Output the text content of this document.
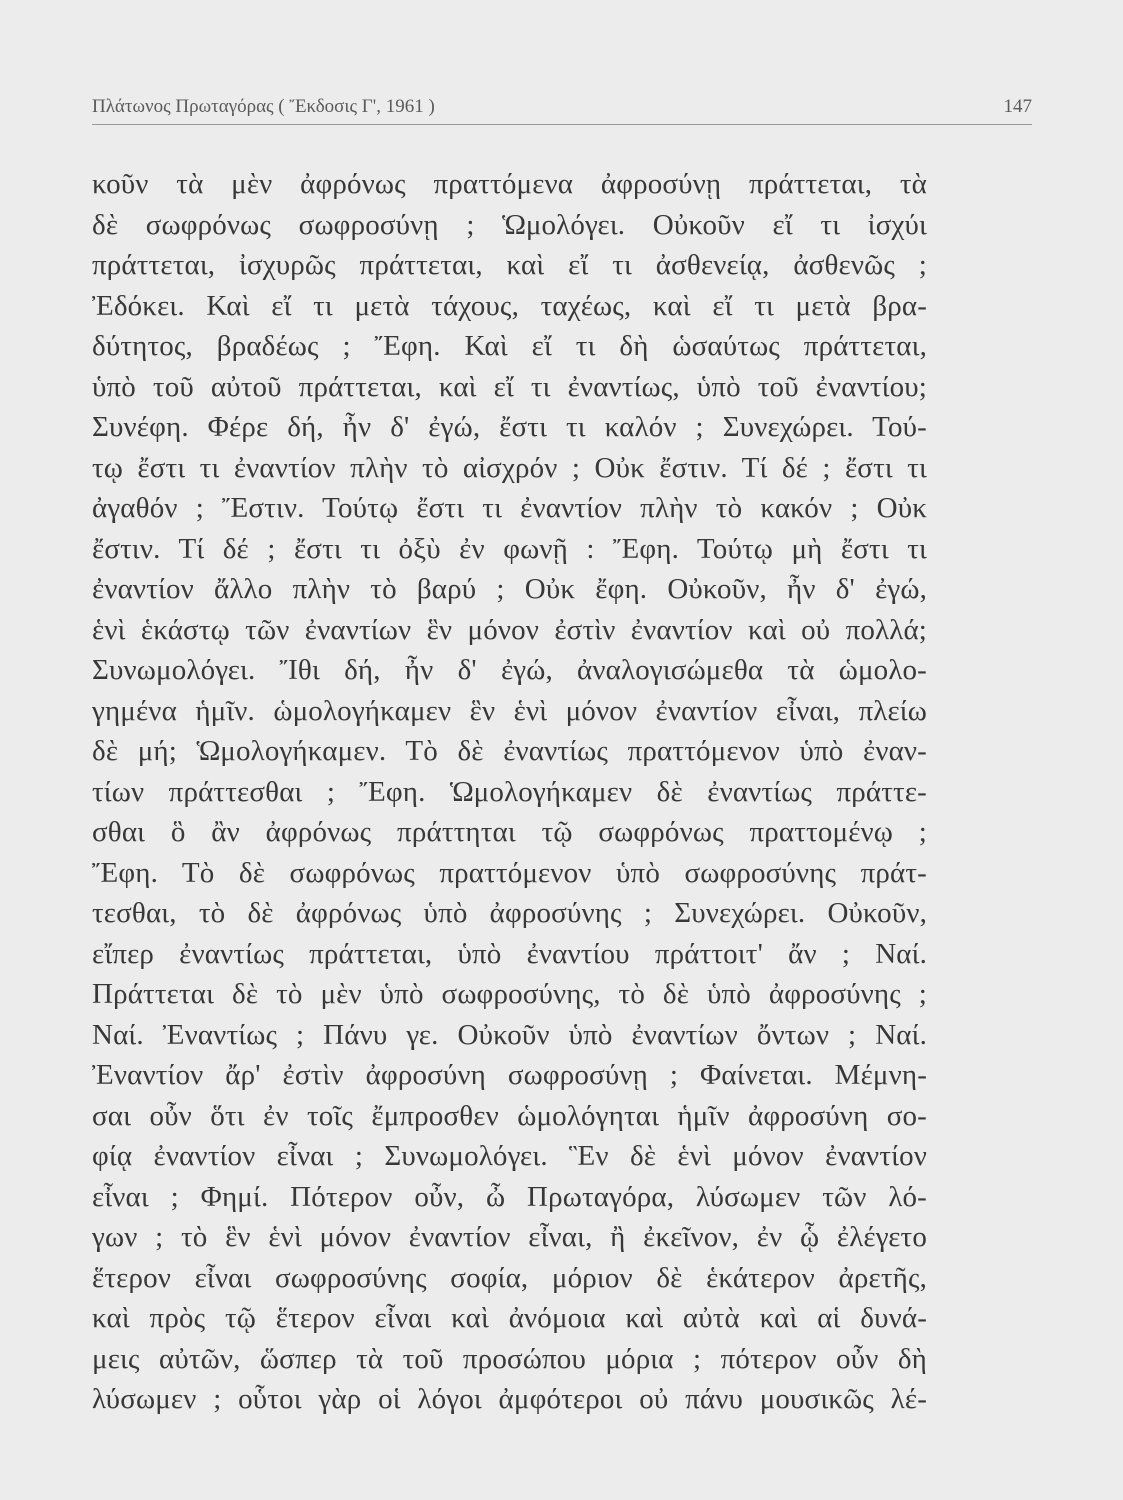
Πλάτωνος Πρωταγόρας ( Ἔκδοσις Γ', 1961 )	147
κοῦν τὰ μὲν ἀφρόνως πραττόμενα ἀφροσύνῃ πράττεται, τὰ
δὲ σωφρόνως σωφροσύνῃ ; Ὡμολόγει. Οὐκοῦν εἴ τι ἰσχύι
πράττεται, ἰσχυρῶς πράττεται, καὶ εἴ τι ἀσθενείᾳ, ἀσθενῶς ;
Ἐδόκει. Καὶ εἴ τι μετὰ τάχους, ταχέως, καὶ εἴ τι μετὰ βρα-
δύτητος, βραδέως ; Ἔφη. Καὶ εἴ τι δὴ ὡσαύτως πράττεται,
ὑπὸ τοῦ αὐτοῦ πράττεται, καὶ εἴ τι ἐναντίως, ὑπὸ τοῦ ἐναντίου;
Συνέφη. Φέρε δή, ἦν δ' ἐγώ, ἔστι τι καλόν ; Συνεχώρει. Τού-
τῳ ἔστι τι ἐναντίον πλὴν τὸ αἰσχρόν ; Οὐκ ἔστιν. Τί δέ ; ἔστι τι
ἀγαθόν ; Ἔστιν. Τούτῳ ἔστι τι ἐναντίον πλὴν τὸ κακόν ; Οὐκ
ἔστιν. Τί δέ ; ἔστι τι ὀξὺ ἐν φωνῇ : Ἔφη. Τούτῳ μὴ ἔστι τι
ἐναντίον ἄλλο πλὴν τὸ βαρύ ; Οὐκ ἔφη. Οὐκοῦν, ἦν δ' ἐγώ,
ἑνὶ ἑκάστῳ τῶν ἐναντίων ἓν μόνον ἐστὶν ἐναντίον καὶ οὐ πολλά;
Συνωμολόγει. Ἴθι δή, ἦν δ' ἐγώ, ἀναλογισώμεθα τὰ ὡμολο-
γημένα ἡμῖν. ὡμολογήκαμεν ἓν ἑνὶ μόνον ἐναντίον εἶναι, πλείω
δὲ μή; Ὡμολογήκαμεν. Τὸ δὲ ἐναντίως πραττόμενον ὑπὸ ἐναν-
τίων πράττεσθαι ; Ἔφη. Ὡμολογήκαμεν δὲ ἐναντίως πράττε-
σθαι ὃ ἂν ἀφρόνως πράττηται τῷ σωφρόνως πραττομένῳ ;
Ἔφη. Τὸ δὲ σωφρόνως πραττόμενον ὑπὸ σωφροσύνης πράτ-
τεσθαι, τὸ δὲ ἀφρόνως ὑπὸ ἀφροσύνης ; Συνεχώρει. Οὐκοῦν,
εἴπερ ἐναντίως πράττεται, ὑπὸ ἐναντίου πράττοιτ' ἄν ; Ναί.
Πράττεται δὲ τὸ μὲν ὑπὸ σωφροσύνης, τὸ δὲ ὑπὸ ἀφροσύνης ;
Ναί. Ἐναντίως ; Πάνυ γε. Οὐκοῦν ὑπὸ ἐναντίων ὄντων ; Ναί.
Ἐναντίον ἄρ' ἐστὶν ἀφροσύνη σωφροσύνῃ ; Φαίνεται. Μέμνη-
σαι οὖν ὅτι ἐν τοῖς ἔμπροσθεν ὡμολόγηται ἡμῖν ἀφροσύνη σο-
φίᾳ ἐναντίον εἶναι ; Συνωμολόγει. Ἓν δὲ ἑνὶ μόνον ἐναντίον
εἶναι ; Φημί. Πότερον οὖν, ὦ Πρωταγόρα, λύσωμεν τῶν λό-
γων ; τὸ ἓν ἑνὶ μόνον ἐναντίον εἶναι, ἢ ἐκεῖνον, ἐν ᾧ ἐλέγετο
ἕτερον εἶναι σωφροσύνης σοφία, μόριον δὲ ἑκάτερον ἀρετῆς,
καὶ πρὸς τῷ ἕτερον εἶναι καὶ ἀνόμοια καὶ αὐτὰ καὶ αἱ δυνά-
μεις αὐτῶν, ὥσπερ τὰ τοῦ προσώπου μόρια ; πότερον οὖν δὴ
λύσωμεν ; οὗτοι γὰρ οἱ λόγοι ἀμφότεροι οὐ πάνυ μουσικῶς λέ-
